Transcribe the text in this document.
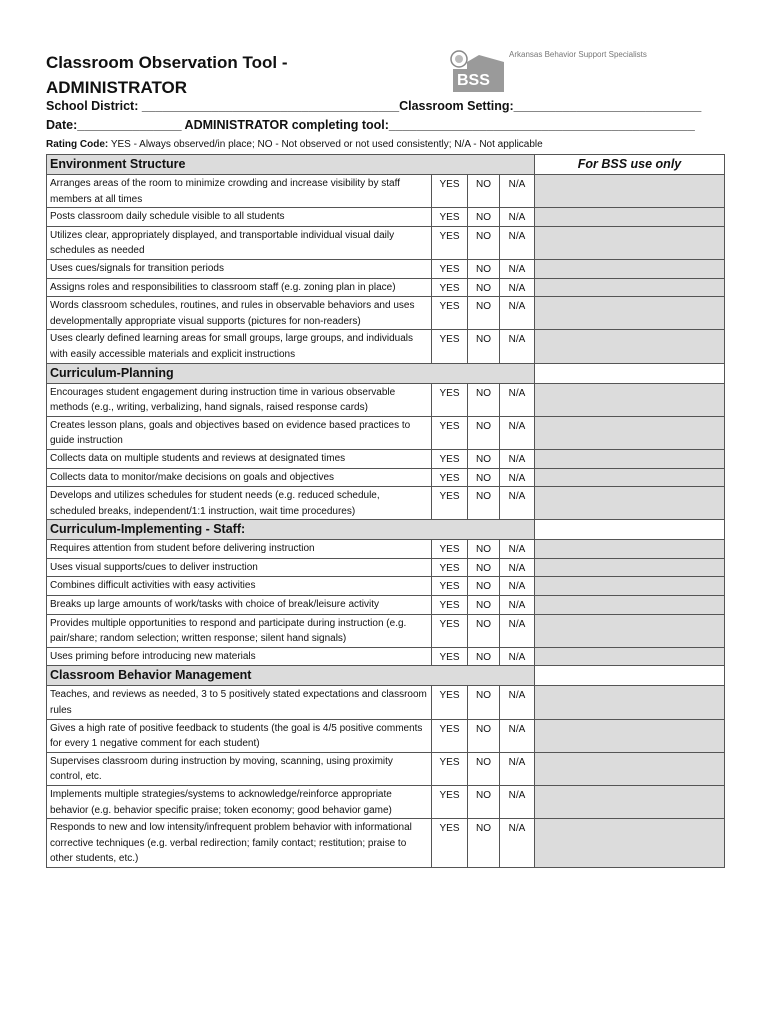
Classroom Observation Tool -
ADMINISTRATOR	BSS
Arkansas Behavior Support Specialists
School District: _____________________________________Classroom Setting:___________________________
Date:_______________ ADMINISTRATOR completing tool:____________________________________________
Rating Code: YES - Always observed/in place; NO - Not observed or not used consistently; N/A - Not applicable
Environment Structure				For BSS use only
Arranges areas of the room to minimize crowding and increase visibility by staff members at all times	YES	NO	N/A	
Posts classroom daily schedule visible to all students	YES	NO	N/A	
Utilizes clear, appropriately displayed, and transportable individual visual daily schedules as needed	YES	NO	N/A	
Uses cues/signals for transition periods	YES	NO	N/A	
Assigns roles and responsibilities to classroom staff (e.g. zoning plan in place)	YES	NO	N/A	
Words classroom schedules, routines, and rules in observable behaviors and uses developmentally appropriate visual supports (pictures for non-readers)	YES	NO	N/A	
Uses clearly defined learning areas for small groups, large groups, and individuals with easily accessible materials and explicit instructions	YES	NO	N/A	
Curriculum-Planning				
Encourages student engagement during instruction time in various observable methods (e.g., writing, verbalizing, hand signals, raised response cards)	YES	NO	N/A	
Creates lesson plans, goals and objectives based on evidence based practices to guide instruction	YES	NO	N/A	
Collects data on multiple students and reviews at designated times	YES	NO	N/A	
Collects data to monitor/make decisions on goals and objectives	YES	NO	N/A	
Develops and utilizes schedules for student needs (e.g. reduced schedule, scheduled breaks, independent/1:1 instruction, wait time procedures)	YES	NO	N/A	
Curriculum-Implementing - Staff:				
Requires attention from student before delivering instruction	YES	NO	N/A	
Uses visual supports/cues to deliver instruction	YES	NO	N/A	
Combines difficult activities with easy activities	YES	NO	N/A	
Breaks up large amounts of work/tasks with choice of break/leisure activity	YES	NO	N/A	
Provides multiple opportunities to respond and participate during instruction (e.g. pair/share; random selection; written response; silent hand signals)	YES	NO	N/A	
Uses priming before introducing new materials	YES	NO	N/A	
Classroom Behavior Management				
Teaches, and reviews as needed, 3 to 5 positively stated expectations and classroom rules	YES	NO	N/A	
Gives a high rate of positive feedback to students (the goal is 4/5 positive comments for every 1 negative comment for each student)	YES	NO	N/A	
Supervises classroom during instruction by moving, scanning, using proximity control, etc.	YES	NO	N/A	
Implements multiple strategies/systems to acknowledge/reinforce appropriate behavior (e.g. behavior specific praise; token economy; good behavior game)	YES	NO	N/A	
Responds to new and low intensity/infrequent problem behavior with informational corrective techniques (e.g. verbal redirection; family contact; restitution; praise to other students, etc.)	YES	NO	N/A	
